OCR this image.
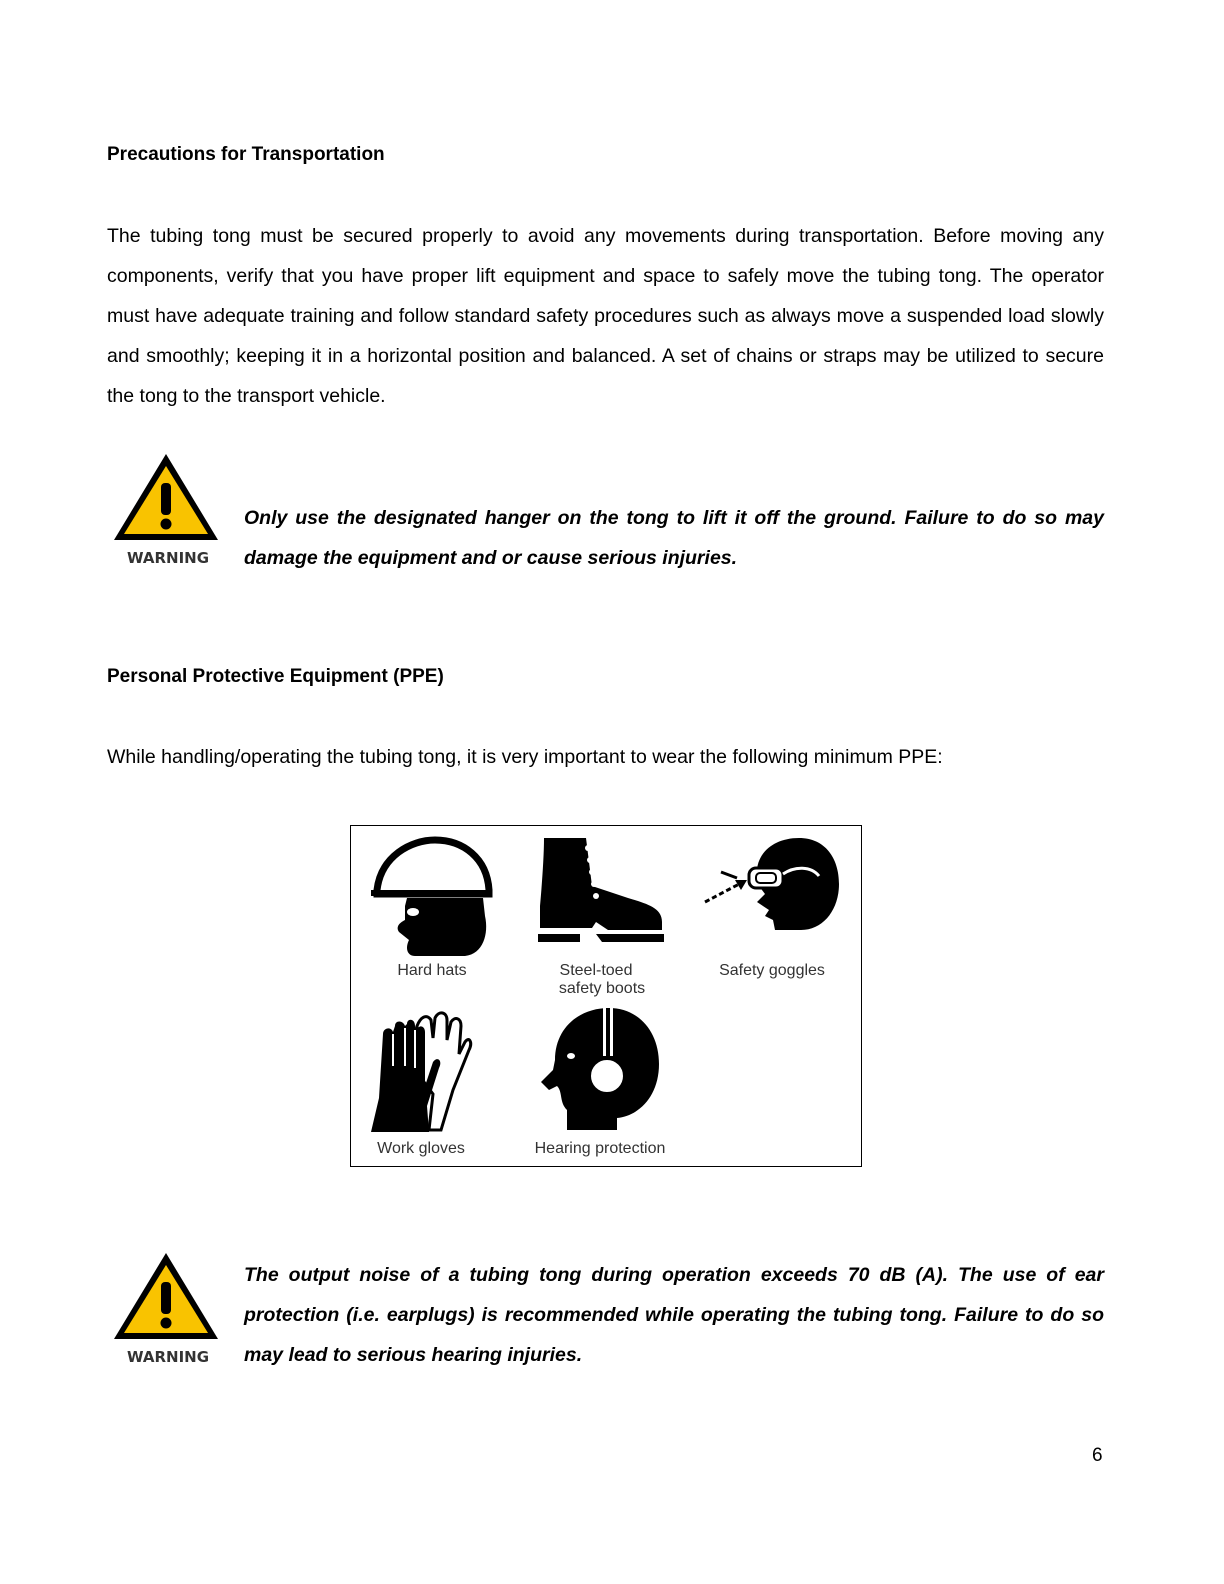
Precautions for Transportation

The tubing tong must be secured properly to avoid any movements during transportation. Before moving any components, verify that you have proper lift equipment and space to safely move the tubing tong. The operator must have adequate training and follow standard safety procedures such as always move a suspended load slowly and smoothly; keeping it in a horizontal position and balanced. A set of chains or straps may be utilized to secure the tong to the transport vehicle.

WARNING

Only use the designated hanger on the tong to lift it off the ground. Failure to do so may damage the equipment and or cause serious injuries.

Personal Protective Equipment (PPE)

While handling/operating the tubing tong, it is very important to wear the following minimum PPE:

Hard hats	Steel-toed
safety boots
Safety goggles
Work gloves	Hearing protection
WARNING

The output noise of a tubing tong during operation exceeds 70 dB (A). The use of ear protection (i.e. earplugs) is recommended while operating the tubing tong. Failure to do so may lead to serious hearing injuries.

6
